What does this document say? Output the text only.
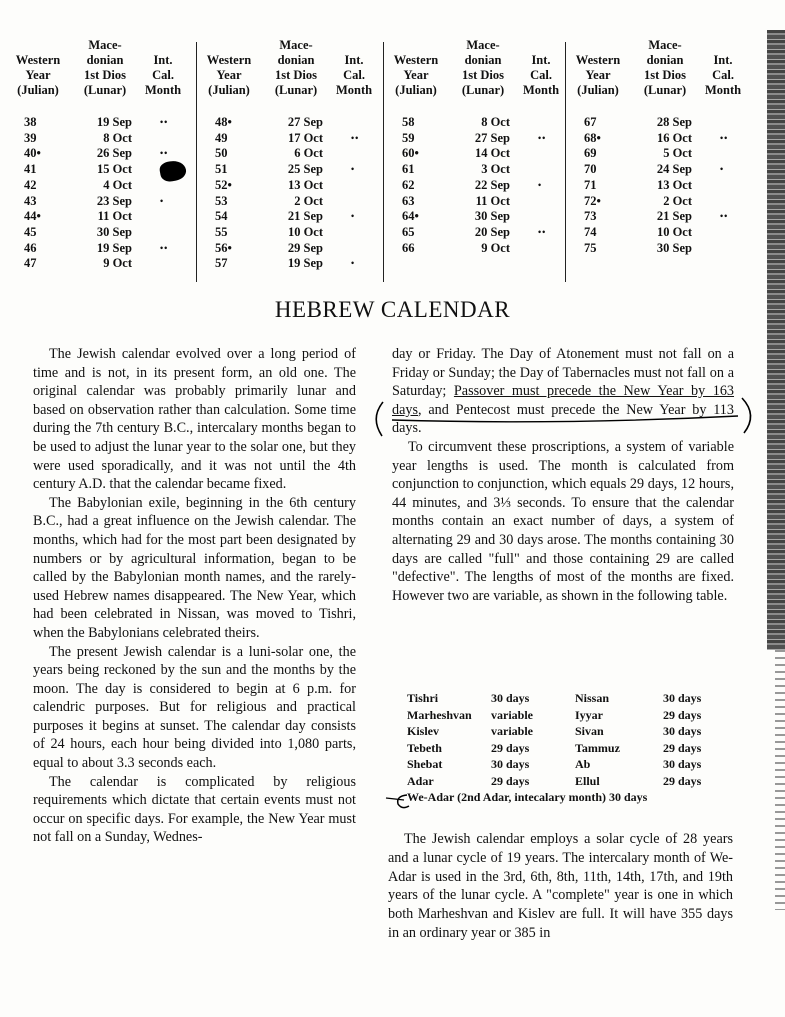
Western
Year
(Julian)
Mace-
donian
1st Dios
(Lunar)
Int.
Cal.
Month
38	19 Sep	••
39	8 Oct
40•	26 Sep	••
41	15 Oct
42	4 Oct
43	23 Sep	•
44•	11 Oct
45	30 Sep
46	19 Sep	••
47	9 Oct
Western
Year
(Julian)
Mace-
donian
1st Dios
(Lunar)
Int.
Cal.
Month
48•	27 Sep
49	17 Oct	••
50	6 Oct
51	25 Sep	•
52•	13 Oct
53	2 Oct
54	21 Sep	•
55	10 Oct
56•	29 Sep
57	19 Sep	•
Western
Year
(Julian)
Mace-
donian
1st Dios
(Lunar)
Int.
Cal.
Month
58	8 Oct
59	27 Sep	••
60•	14 Oct
61	3 Oct
62	22 Sep	•
63	11 Oct
64•	30 Sep
65	20 Sep	••
66	9 Oct
Western
Year
(Julian)
Mace-
donian
1st Dios
(Lunar)
Int.
Cal.
Month
67	28 Sep
68•	16 Oct	••
69	5 Oct
70	24 Sep	•
71	13 Oct
72•	2 Oct
73	21 Sep	••
74	10 Oct
75	30 Sep
HEBREW CALENDAR

The Jewish calendar evolved over a long period of time and is not, in its present form, an old one. The original calendar was probably primarily lunar and based on observation rather than calculation. Some time during the 7th century B.C., intercalary months began to be used to adjust the lunar year to the solar one, but they were used sporadically, and it was not until the 4th century A.D. that the calendar became fixed.

The Babylonian exile, beginning in the 6th century B.C., had a great influence on the Jewish calendar. The months, which had for the most part been designated by numbers or by agricultural information, began to be called by the Babylonian month names, and the rarely-used Hebrew names disappeared. The New Year, which had been celebrated in Nissan, was moved to Tishri, when the Babylonians celebrated theirs.

The present Jewish calendar is a luni-solar one, the years being reckoned by the sun and the months by the moon. The day is considered to begin at 6 p.m. for calendric purposes. But for religious and practical purposes it begins at sunset. The calendar day consists of 24 hours, each hour being divided into 1,080 parts, equal to about 3.3 seconds each.

The calendar is complicated by religious requirements which dictate that certain events must not occur on specific days. For example, the New Year must not fall on a Sunday, Wednes-

day or Friday. The Day of Atonement must not fall on a Friday or Sunday; the Day of Tabernacles must not fall on a Saturday; Passover must precede the New Year by 163 days, and Pentecost must precede the New Year by 113 days.

To circumvent these proscriptions, a system of variable year lengths is used. The month is calculated from conjunction to conjunction, which equals 29 days, 12 hours, 44 minutes, and 3⅓ seconds. To ensure that the calendar months contain an exact number of days, a system of alternating 29 and 30 days arose. The months containing 30 days are called "full" and those containing 29 are called "defective". The lengths of most of the months are fixed. However two are variable, as shown in the following table.

Tishri	30 days	Nissan	30 days
Marheshvan variable	Iyyar	29 days
Kislev	variable	Sivan	30 days
Tebeth	29 days	Tammuz	29 days
Shebat	30 days	Ab	30 days
Adar	29 days	Ellul	29 days
We-Adar (2nd Adar, intecalary month) 30 days

The Jewish calendar employs a solar cycle of 28 years and a lunar cycle of 19 years. The intercalary month of We-Adar is used in the 3rd, 6th, 8th, 11th, 14th, 17th, and 19th years of the lunar cycle. A "complete" year is one in which both Marheshvan and Kislev are full. It will have 355 days in an ordinary year or 385 in
